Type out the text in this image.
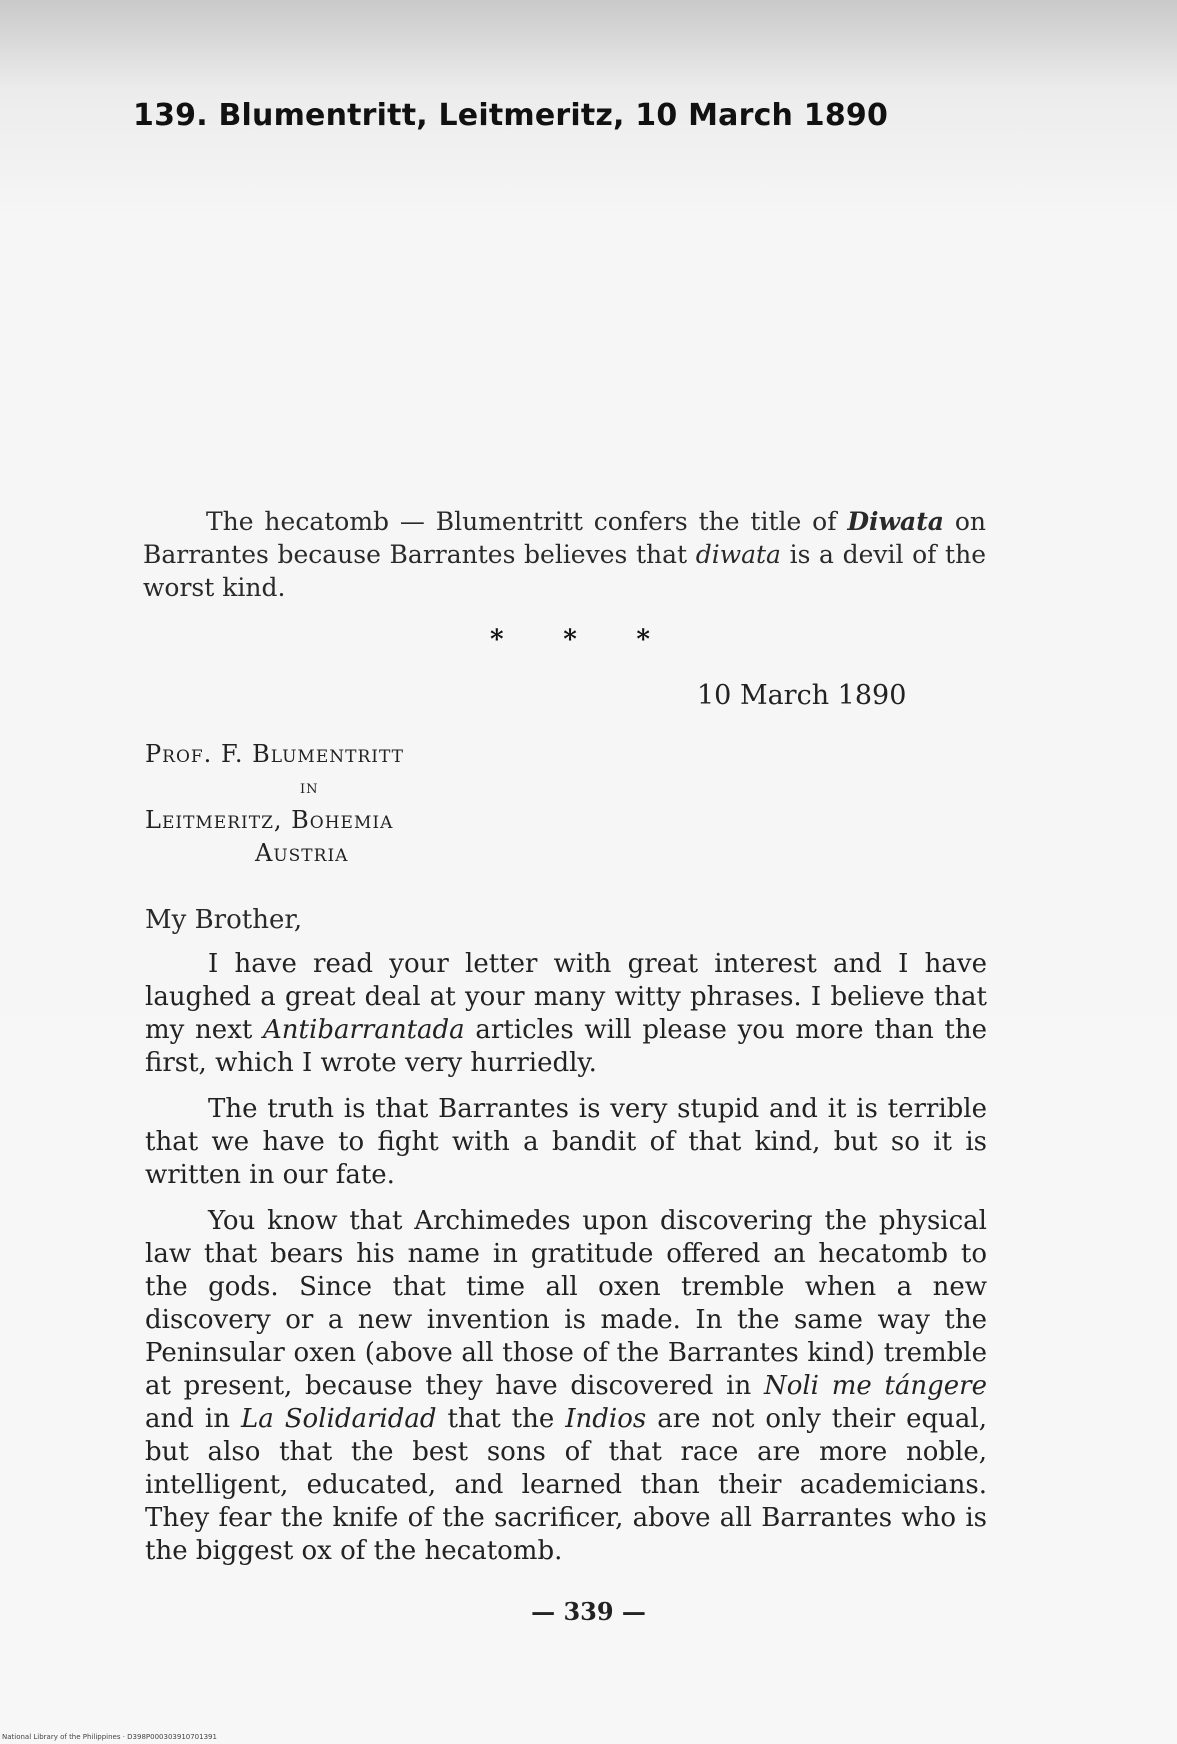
139. Blumentritt, Leitmeritz, 10 March 1890

The hecatomb — Blumentritt confers the title of Diwata on Barrantes because Barrantes believes that diwata is a devil of the worst kind.

* * *
10 March 1890
Prof. F. Blumentritt
in
Leitmeritz, Bohemia
Austria
My Brother,

I have read your letter with great interest and I have laughed a great deal at your many witty phrases. I believe that my next Antibarrantada articles will please you more than the first, which I wrote very hurriedly.

The truth is that Barrantes is very stupid and it is terrible that we have to fight with a bandit of that kind, but so it is written in our fate.

You know that Archimedes upon discovering the physical law that bears his name in gratitude offered an hecatomb to the gods. Since that time all oxen tremble when a new discovery or a new invention is made. In the same way the Peninsular oxen (above all those of the Barrantes kind) tremble at present, because they have discovered in Noli me tángere and in La Solidaridad that the Indios are not only their equal, but also that the best sons of that race are more noble, intelligent, educated, and learned than their academicians. They fear the knife of the sacrificer, above all Barrantes who is the biggest ox of the hecatomb.

— 339 —
National Library of the Philippines · D398P000303910701391
